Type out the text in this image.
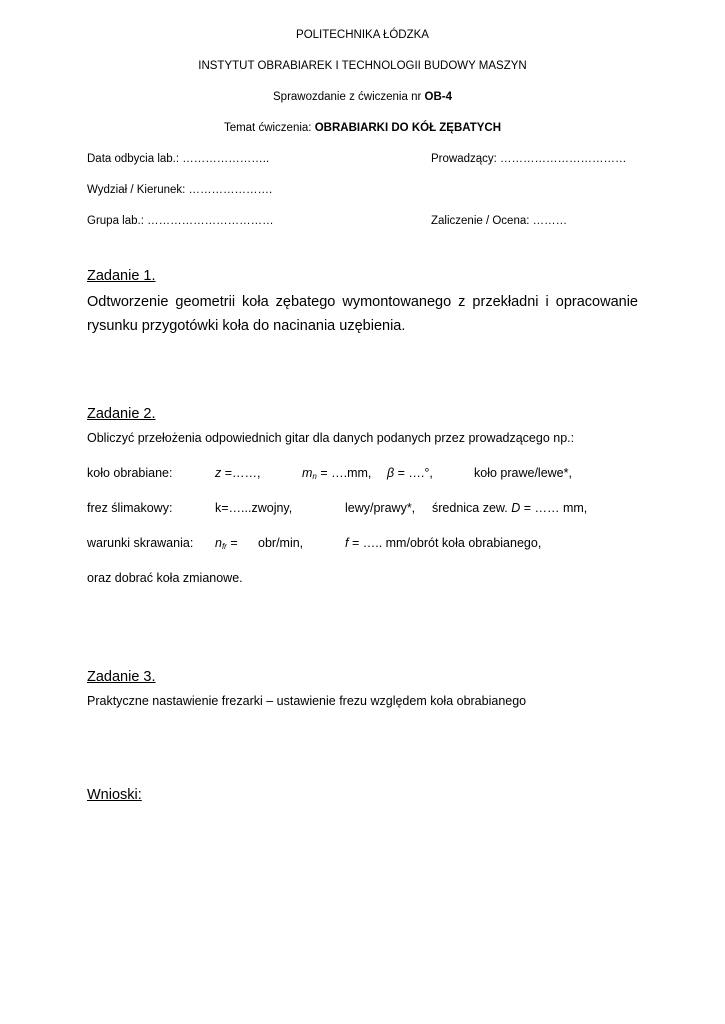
POLITECHNIKA ŁÓDZKA
INSTYTUT OBRABIAREK I TECHNOLOGII BUDOWY MASZYN
Sprawozdanie z ćwiczenia nr OB-4
Temat ćwiczenia: OBRABIARKI DO KÓŁ ZĘBATYCH
Data odbycia lab.: …………………..	Prowadzący: ……………………………
Wydział / Kierunek: ………………….
Grupa lab.: ……………………………	Zaliczenie / Ocena: ………
Zadanie 1.
Odtworzenie geometrii koła zębatego wymontowanego z przekładni i opracowanie
rysunku przygotówki koła do nacinania uzębienia.
Zadanie 2.
Obliczyć przełożenia odpowiednich gitar dla danych podanych przez prowadzącego np.:
koło obrabiane:	z =……,	$m_n$ = ….mm, β = ….°,	koło prawe/lewe*,
frez ślimakowy:	k=…...zwojny,	lewy/prawy*, średnica zew. D = …… mm,
warunki skrawania: $n_{fr} = obr/\min$,	f = ….. mm/obrót koła obrabianego,
oraz dobrać koła zmianowe.
Zadanie 3.
Praktyczne nastawienie frezarki – ustawienie frezu względem koła obrabianego
Wnioski:
